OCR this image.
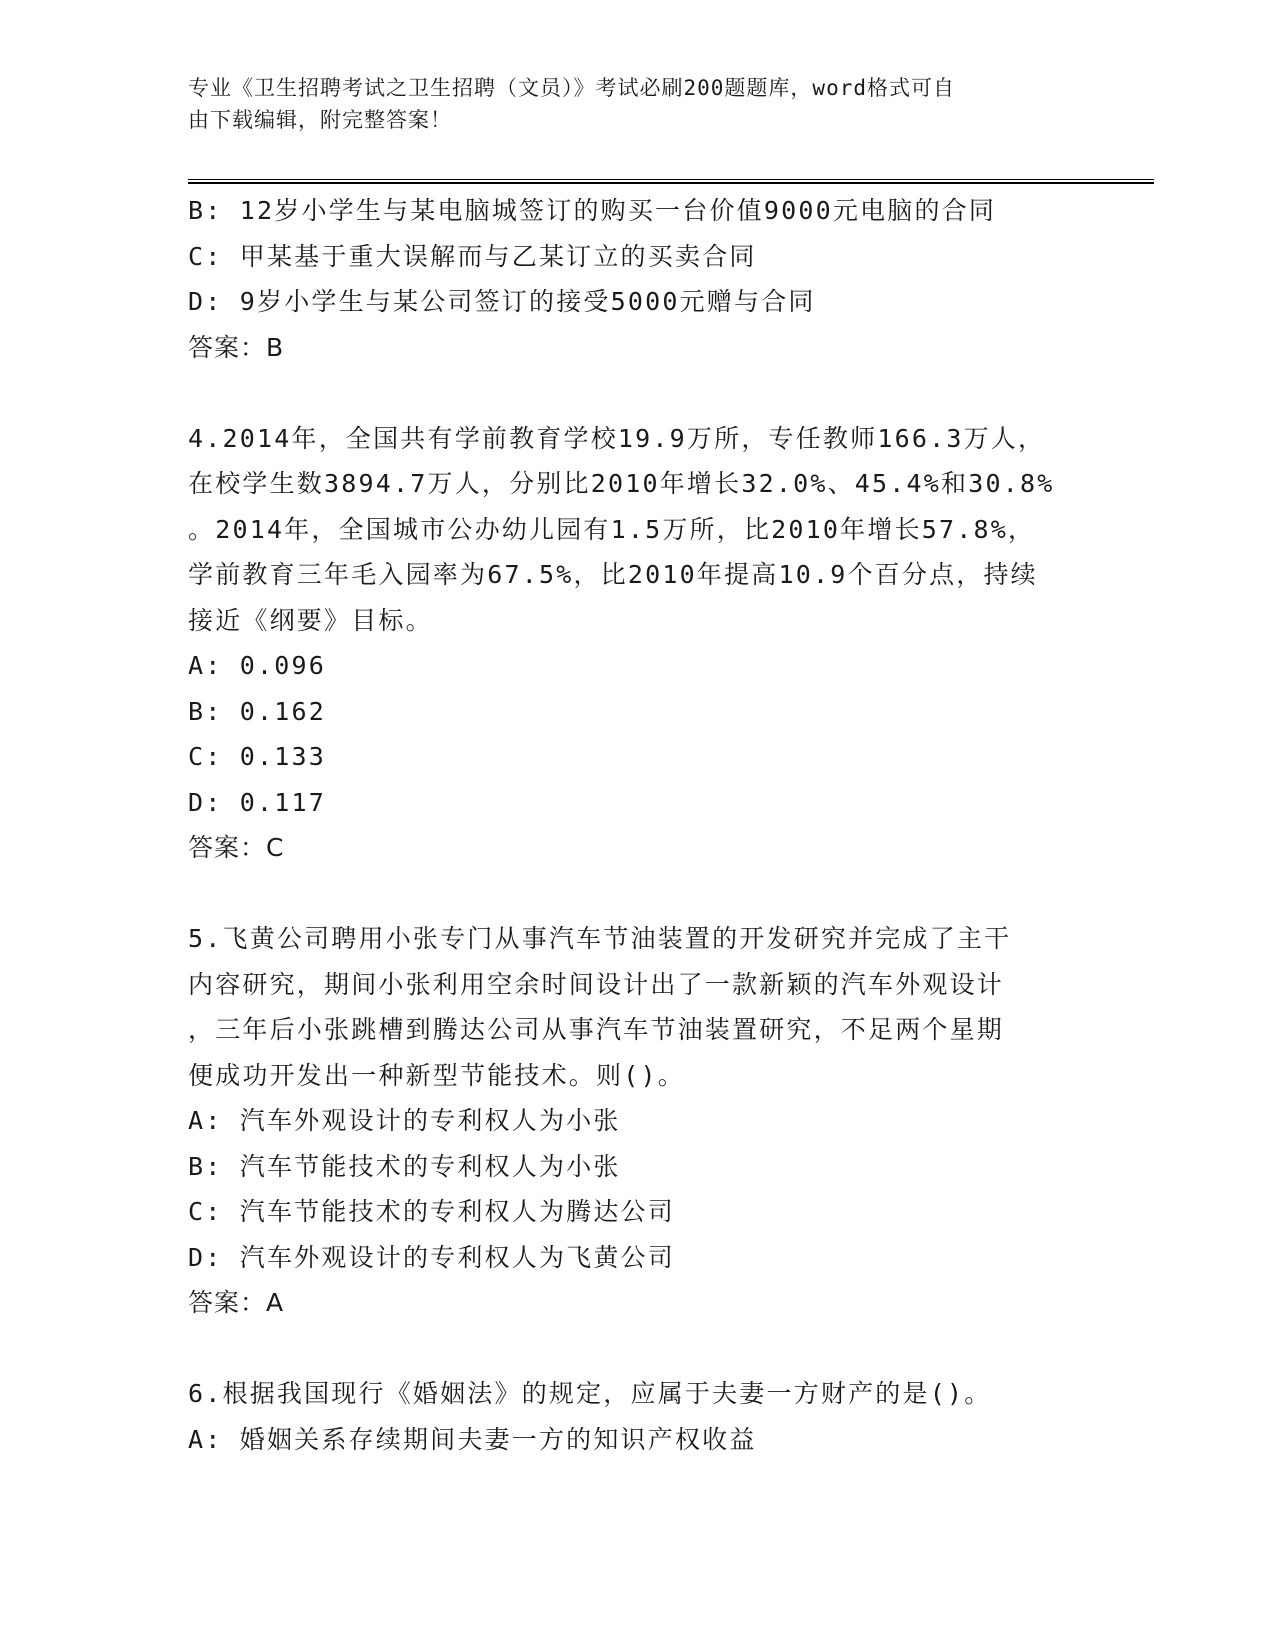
专业《卫生招聘考试之卫生招聘（文员）》考试必刷200题题库，word格式可自
由下载编辑，附完整答案！
B: 12岁小学生与某电脑城签订的购买一台价值9000元电脑的合同
C: 甲某基于重大误解而与乙某订立的买卖合同
D: 9岁小学生与某公司签订的接受5000元赠与合同
答案：B
4.2014年，全国共有学前教育学校19.9万所，专任教师166.3万人，
在校学生数3894.7万人，分别比2010年增长32.0%、45.4%和30.8%
。2014年，全国城市公办幼儿园有1.5万所，比2010年增长57.8%，
学前教育三年毛入园率为67.5%，比2010年提高10.9个百分点，持续
接近《纲要》目标。
A: 0.096
B: 0.162
C: 0.133
D: 0.117
答案：C
5.飞黄公司聘用小张专门从事汽车节油装置的开发研究并完成了主干
内容研究，期间小张利用空余时间设计出了一款新颖的汽车外观设计
，三年后小张跳槽到腾达公司从事汽车节油装置研究，不足两个星期
便成功开发出一种新型节能技术。则()。
A: 汽车外观设计的专利权人为小张
B: 汽车节能技术的专利权人为小张
C: 汽车节能技术的专利权人为腾达公司
D: 汽车外观设计的专利权人为飞黄公司
答案：A
6.根据我国现行《婚姻法》的规定，应属于夫妻一方财产的是()。
A: 婚姻关系存续期间夫妻一方的知识产权收益
